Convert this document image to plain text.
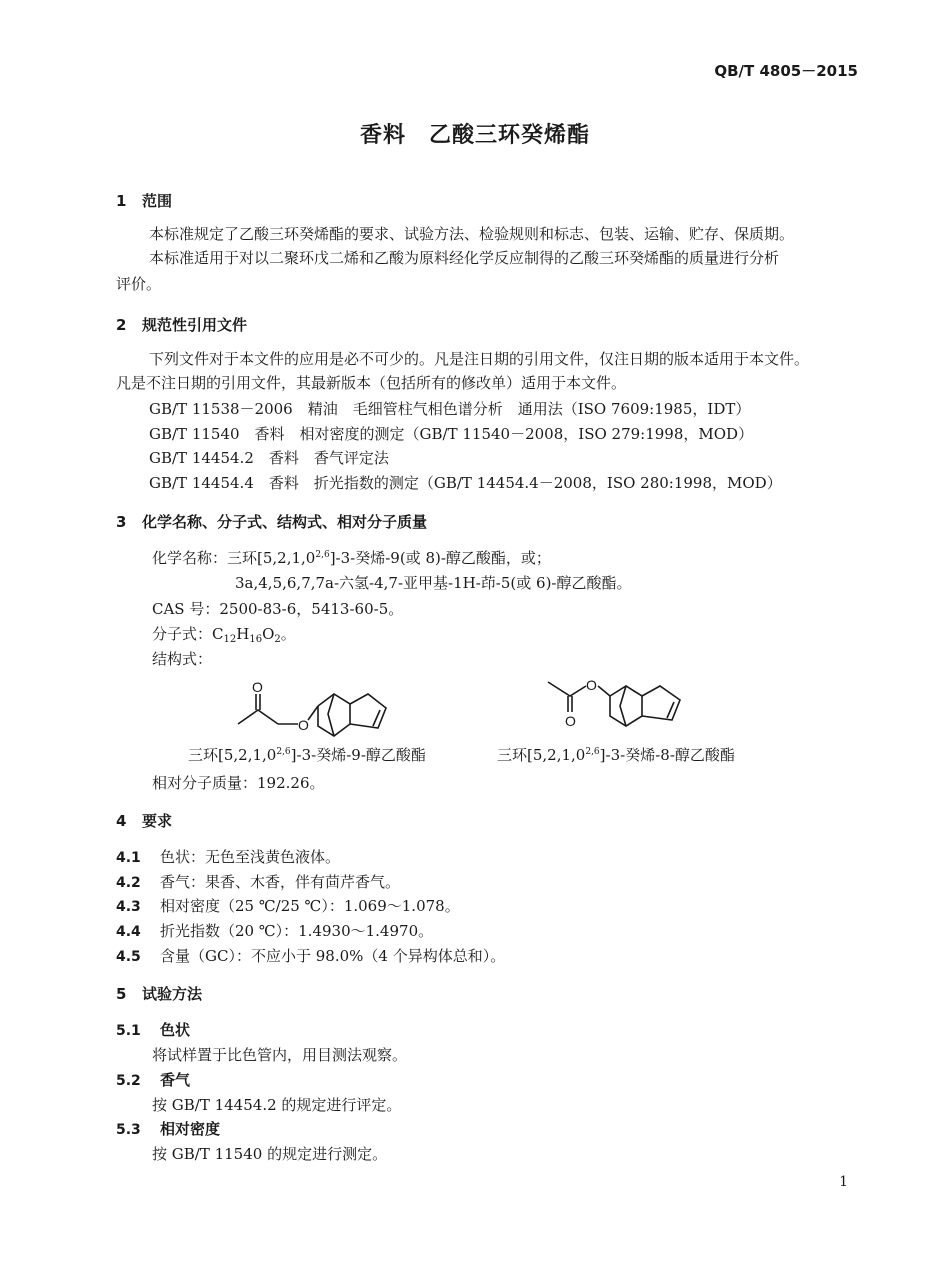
QB/T 4805－2015
香料　乙酸三环癸烯酯
1 范围
本标准规定了乙酸三环癸烯酯的要求、试验方法、检验规则和标志、包装、运输、贮存、保质期。
本标准适用于对以二聚环戊二烯和乙酸为原料经化学反应制得的乙酸三环癸烯酯的质量进行分析
评价。
2 规范性引用文件
下列文件对于本文件的应用是必不可少的。凡是注日期的引用文件，仅注日期的版本适用于本文件。
凡是不注日期的引用文件，其最新版本（包括所有的修改单）适用于本文件。
GB/T 11538－2006　精油　毛细管柱气相色谱分析　通用法（ISO 7609:1985，IDT）
GB/T 11540　香料　相对密度的测定（GB/T 11540－2008，ISO 279:1998，MOD）
GB/T 14454.2　香料　香气评定法
GB/T 14454.4　香料　折光指数的测定（GB/T 14454.4－2008，ISO 280:1998，MOD）
3 化学名称、分子式、结构式、相对分子质量
化学名称：三环[5,2,1,0$^{2,6}$]-3-癸烯-9(或 8)-醇乙酸酯，或；
3a,4,5,6,7,7a-六氢-4,7-亚甲基-1H-茚-5(或 6)-醇乙酸酯。
CAS 号：2500-83-6，5413-60-5。
分子式：$C_{12}H_{16}O_2$。
结构式：
O
O	O
O
三环[5,2,1,0$^{2,6}$]-3-癸烯-9-醇乙酸酯	三环[5,2,1,0$^{2,6}$]-3-癸烯-8-醇乙酸酯
相对分子质量：192.26。
4 要求
4.1 色状：无色至浅黄色液体。
4.2 香气：果香、木香，伴有茴芹香气。
4.3 相对密度（25 ℃/25 ℃）：1.069～1.078。
4.4 折光指数（20 ℃）：1.4930～1.4970。
4.5 含量（GC）：不应小于 98.0%（4 个异构体总和）。
5 试验方法
5.1 色状
将试样置于比色管内，用目测法观察。
5.2 香气
按 GB/T 14454.2 的规定进行评定。
5.3 相对密度
按 GB/T 11540 的规定进行测定。
1
